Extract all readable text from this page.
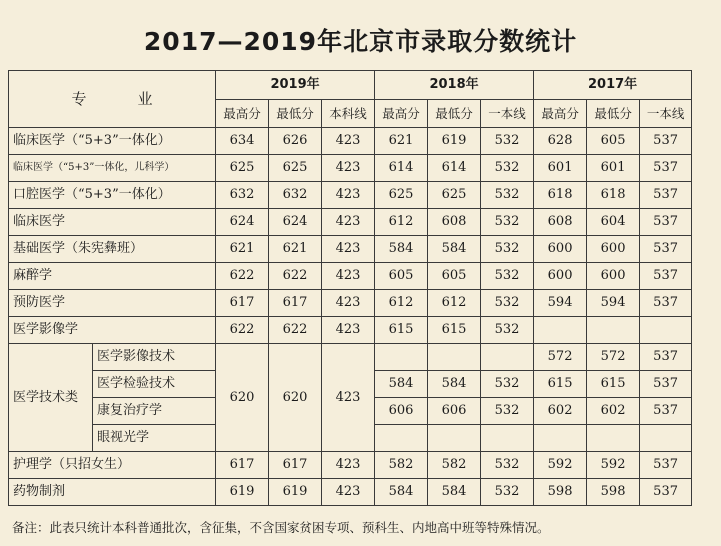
2017—2019年北京市录取分数统计
专　业		2019年			2018年			2017年		
		最高分	最低分	本科线	最高分	最低分	一本线	最高分	最低分	一本线
临床医学（“5+3”一体化）		634	626	423	621	619	532	628	605	537
临床医学（“5+3”一体化，儿科学）		625	625	423	614	614	532	601	601	537
口腔医学（“5+3”一体化）		632	632	423	625	625	532	618	618	537
临床医学		624	624	423	612	608	532	608	604	537
基础医学（朱宪彝班）		621	621	423	584	584	532	600	600	537
麻醉学		622	622	423	605	605	532	600	600	537
预防医学		617	617	423	612	612	532	594	594	537
医学影像学		622	622	423	615	615	532			
医学技术类	医学影像技术	620	620	423				572	572	537
	医学检验技术				584	584	532	615	615	537
	康复治疗学				606	606	532	602	602	537
	眼视光学									
护理学（只招女生）		617	617	423	582	582	532	592	592	537
药物制剂		619	619	423	584	584	532	598	598	537
备注：此表只统计本科普通批次，含征集，不含国家贫困专项、预科生、内地高中班等特殊情况。
